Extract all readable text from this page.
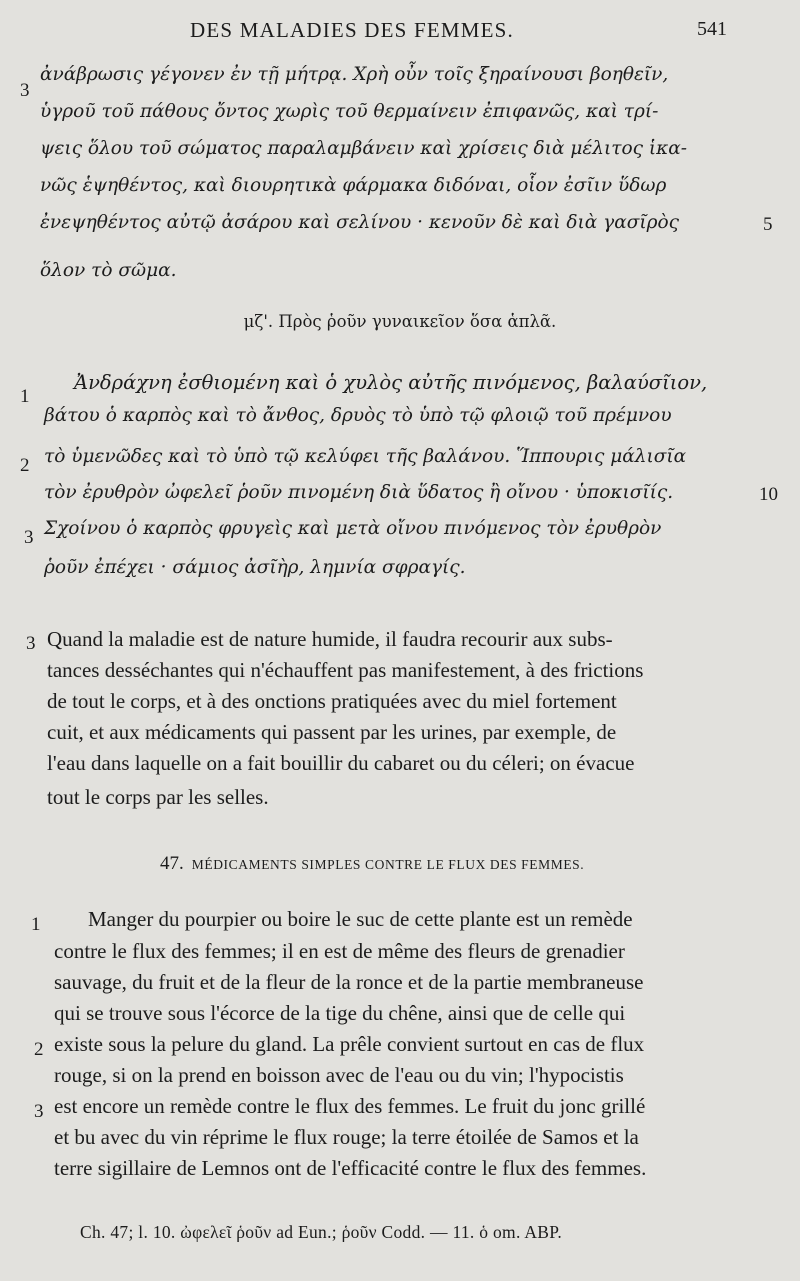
DES MALADIES DES FEMMES.	541
3

ἀνάβρωσις γέγονεν ἐν τῇ μήτρᾳ. Χρὴ οὖν τοῖς ξηραίνουσι βοηθεῖν,

ὑγροῦ τοῦ πάθους ὄντος χωρὶς τοῦ θερμαίνειν ἐπιφανῶς, καὶ τρί-

ψεις ὅλου τοῦ σώματος παραλαμβάνειν καὶ χρίσεις διὰ μέλιτος ἱκα-

νῶς ἑψηθέντος, καὶ διουρητικὰ φάρμακα διδόναι, οἷον ἐσῖιν ὕδωρ

ἐνεψηθέντος αὐτῷ ἀσάρου καὶ σελίνου · κενοῦν δὲ καὶ διὰ γασῖρὸς	5

ὅλον τὸ σῶμα.

μζ'. Πρὸς ῥοῦν γυναικεῖον ὅσα ἁπλᾶ.
1

Ἀνδράχνη ἐσθιομένη καὶ ὁ χυλὸς αὐτῆς πινόμενος, βαλαύσῖιον,

βάτου ὁ καρπὸς καὶ τὸ ἄνθος, δρυὸς τὸ ὑπὸ τῷ φλοιῷ τοῦ πρέμνου

2 τὸ ὑμενῶδες καὶ τὸ ὑπὸ τῷ κελύφει τῆς βαλάνου. Ἵππουρις μάλισῖα

τὸν ἐρυθρὸν ὠφελεῖ ῥοῦν πινομένη διὰ ὕδατος ἢ οἴνου · ὑποκισῖίς.	10
3 Σχοίνου ὁ καρπὸς φρυγεὶς καὶ μετὰ οἴνου πινόμενος τὸν ἐρυθρὸν

ῥοῦν ἐπέχει · σάμιος ἀσῖὴρ, λημνία σφραγίς.

3 Quand la maladie est de nature humide, il faudra recourir aux subs-

tances desséchantes qui n'échauffent pas manifestement, à des frictions

de tout le corps, et à des onctions pratiquées avec du miel fortement

cuit, et aux médicaments qui passent par les urines, par exemple, de

l'eau dans laquelle on a fait bouillir du cabaret ou du céleri; on évacue

tout le corps par les selles.

47. MÉDICAMENTS SIMPLES CONTRE LE FLUX DES FEMMES.
1 Manger du pourpier ou boire le suc de cette plante est un remède

contre le flux des femmes; il en est de même des fleurs de grenadier

sauvage, du fruit et de la fleur de la ronce et de la partie membraneuse

qui se trouve sous l'écorce de la tige du chêne, ainsi que de celle qui

2 existe sous la pelure du gland. La prêle convient surtout en cas de flux

rouge, si on la prend en boisson avec de l'eau ou du vin; l'hypocistis

3 est encore un remède contre le flux des femmes. Le fruit du jonc grillé

et bu avec du vin réprime le flux rouge; la terre étoilée de Samos et la

terre sigillaire de Lemnos ont de l'efficacité contre le flux des femmes.

Ch. 47; l. 10. ὠφελεῖ ῥοῦν ad Eun.; ῥοῦν Codd. — 11. ὁ om. ABP.
